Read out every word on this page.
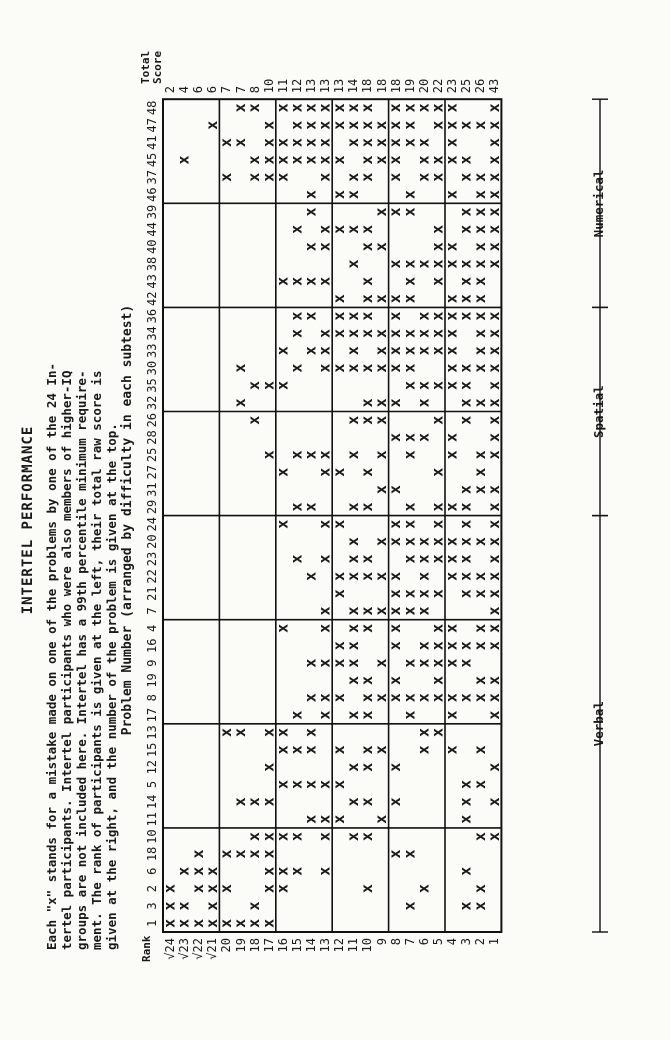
INTERTEL PERFORMANCE Each "x" stands for a mistake made on one of the problems by one of the 24 In- tertel participants. Intertel participants who were also members of higher-IQ groups are not included here. Intertel has a 99th percentile minimum require- ment. The rank of participants is given at the left, their total raw score is given at the right, and the number of the problem is given at the top. Problem Number (arranged by difficulty in each subtest)
Rank
Total Score
1
3
2
6
18
10
11
14
5
12
15
13
17
8
19
9
16
4
7
21
22
23
20
24
29
31
27
25
28
26
32
35
30
33
34
36
42
43
38
40
44
39
46
37
45
41
47
48
√24 √23 √22 √21 20 19 18 17 16 15 14 13 12 11 10 9 8 7 6 5 4 3 2 1
2 4 6 6 7 7 8 10 11 12 13 13 13 14 18 18 18 19 20 22 23 25 26 43
Verbal
Spatial
Numerical
x
x
x
x
x
x
x
x
x
x
x
x
x
x
x
x
x
x
x
x
x
x
x
x
x
x
x
x
x
x
x
x
x
x
x
x
x
x
x
x
x
x
x
x
x
x
x
x
x
x
x
x
x
x
x
x
x
x
x
x
x
x
x
x
x
x
x
x
x
x
x
x
x
x
x
x
x
x
x
x
x
x
x
x
x
x
x
x
x
x
x
x
x
x
x
x
x
x
x
x
x
x
x
x
x
x
x
x
x
x
x
x
x
x
x
x
x
x
x
x
x
x
x
x
x
x
x
x
x
x
x
x
x
x
x
x
x
x
x
x
x
x
x
x
x
x
x
x
x
x
x
x
x
x
x
x
x
x
x
x
x
x
x
x
x
x
x
x
x
x
x
x
x
x
x
x
x
x
x
x
x
x
x
x
x
x
x
x
x
x
x
x
x
x
x
x
x
x
x
x
x
x
x
x
x
x
x
x
x
x
x
x
x
x
x
x
x
x
x
x
x
x
x
x
x
x
x
x
x
x
x
x
x
x
x
x
x
x
x
x
x
x
x
x
x
x
x
x
x
x
x
x
x
x
x
x
x
x
x
x
x
x
x
x
x
x
x
x
x
x
x
x
x
x
x
x
x
x
x
x
x
x
x
x
x
x
x
x
x
x
x
x
x
x
x
x
x
x
x
x
x
x
x
x
x
x
x
x
x
x
x
x
x
x
x
x
x
x
x
x
x
x
x
x
x
x
x
x
x
x
x
x
x
x
x
x
x
x
x
x
x
x
x
x
x
x
x
x
x
x
x
x
x
x
x
x
x
x
x
x
x
x
x
x
x
x
x
x
x
x
x
x
x
x
x
x
x
x
x
x
x
x
x
x
x
x
x
x
x
x
x
x
x
x
x
x
x
x
x
x
x
x
x
x
x
x
x
x
x
x
x
x
x
x
x
x
x
x
x
x
x
x
x
x
x
x
x
x
x
x
x
x
x
x
x
x
x
x
x
